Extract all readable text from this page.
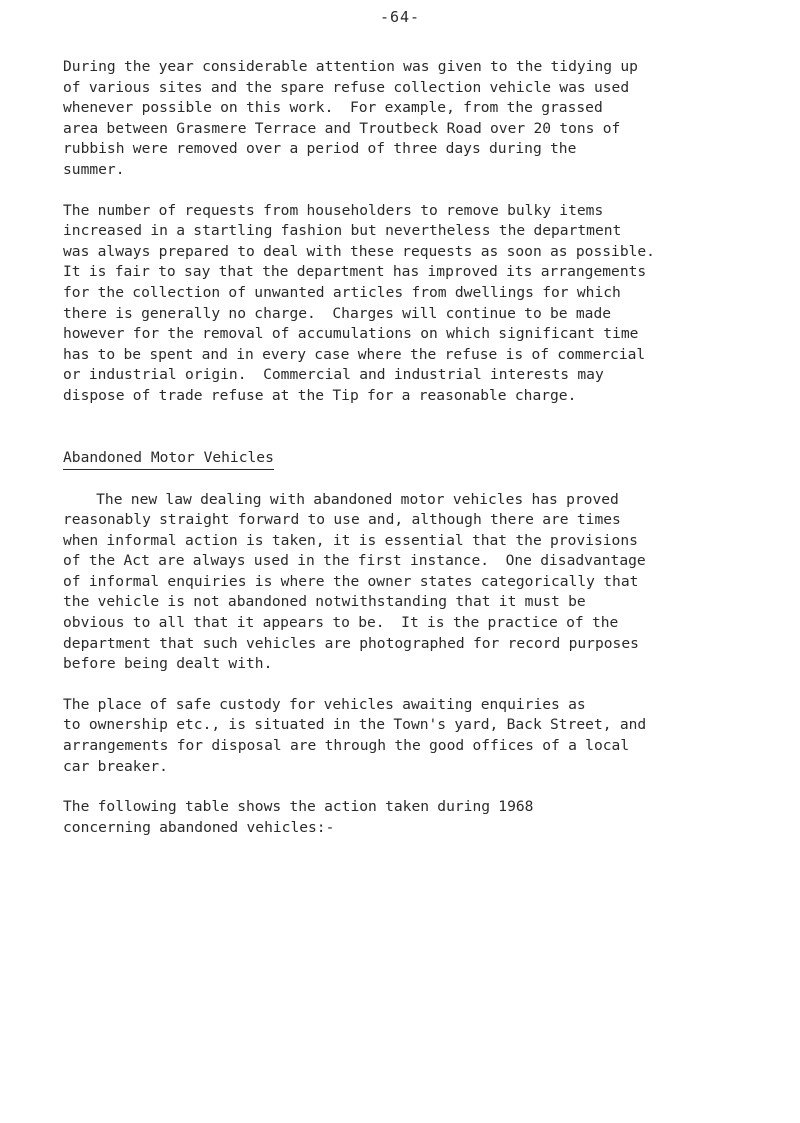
-64-

During the year considerable attention was given to the tidying up
of various sites and the spare refuse collection vehicle was used
whenever possible on this work.  For example, from the grassed
area between Grasmere Terrace and Troutbeck Road over 20 tons of
rubbish were removed over a period of three days during the
summer.

The number of requests from householders to remove bulky items
increased in a startling fashion but nevertheless the department
was always prepared to deal with these requests as soon as possible.
It is fair to say that the department has improved its arrangements
for the collection of unwanted articles from dwellings for which
there is generally no charge.  Charges will continue to be made
however for the removal of accumulations on which significant time
has to be spent and in every case where the refuse is of commercial
or industrial origin.  Commercial and industrial interests may
dispose of trade refuse at the Tip for a reasonable charge.

Abandoned Motor Vehicles

The new law dealing with abandoned motor vehicles has proved
reasonably straight forward to use and, although there are times
when informal action is taken, it is essential that the provisions
of the Act are always used in the first instance.  One disadvantage
of informal enquiries is where the owner states categorically that
the vehicle is not abandoned notwithstanding that it must be
obvious to all that it appears to be.  It is the practice of the
department that such vehicles are photographed for record purposes
before being dealt with.

The place of safe custody for vehicles awaiting enquiries as
to ownership etc., is situated in the Town's yard, Back Street, and
arrangements for disposal are through the good offices of a local
car breaker.

The following table shows the action taken during 1968
concerning abandoned vehicles:-
